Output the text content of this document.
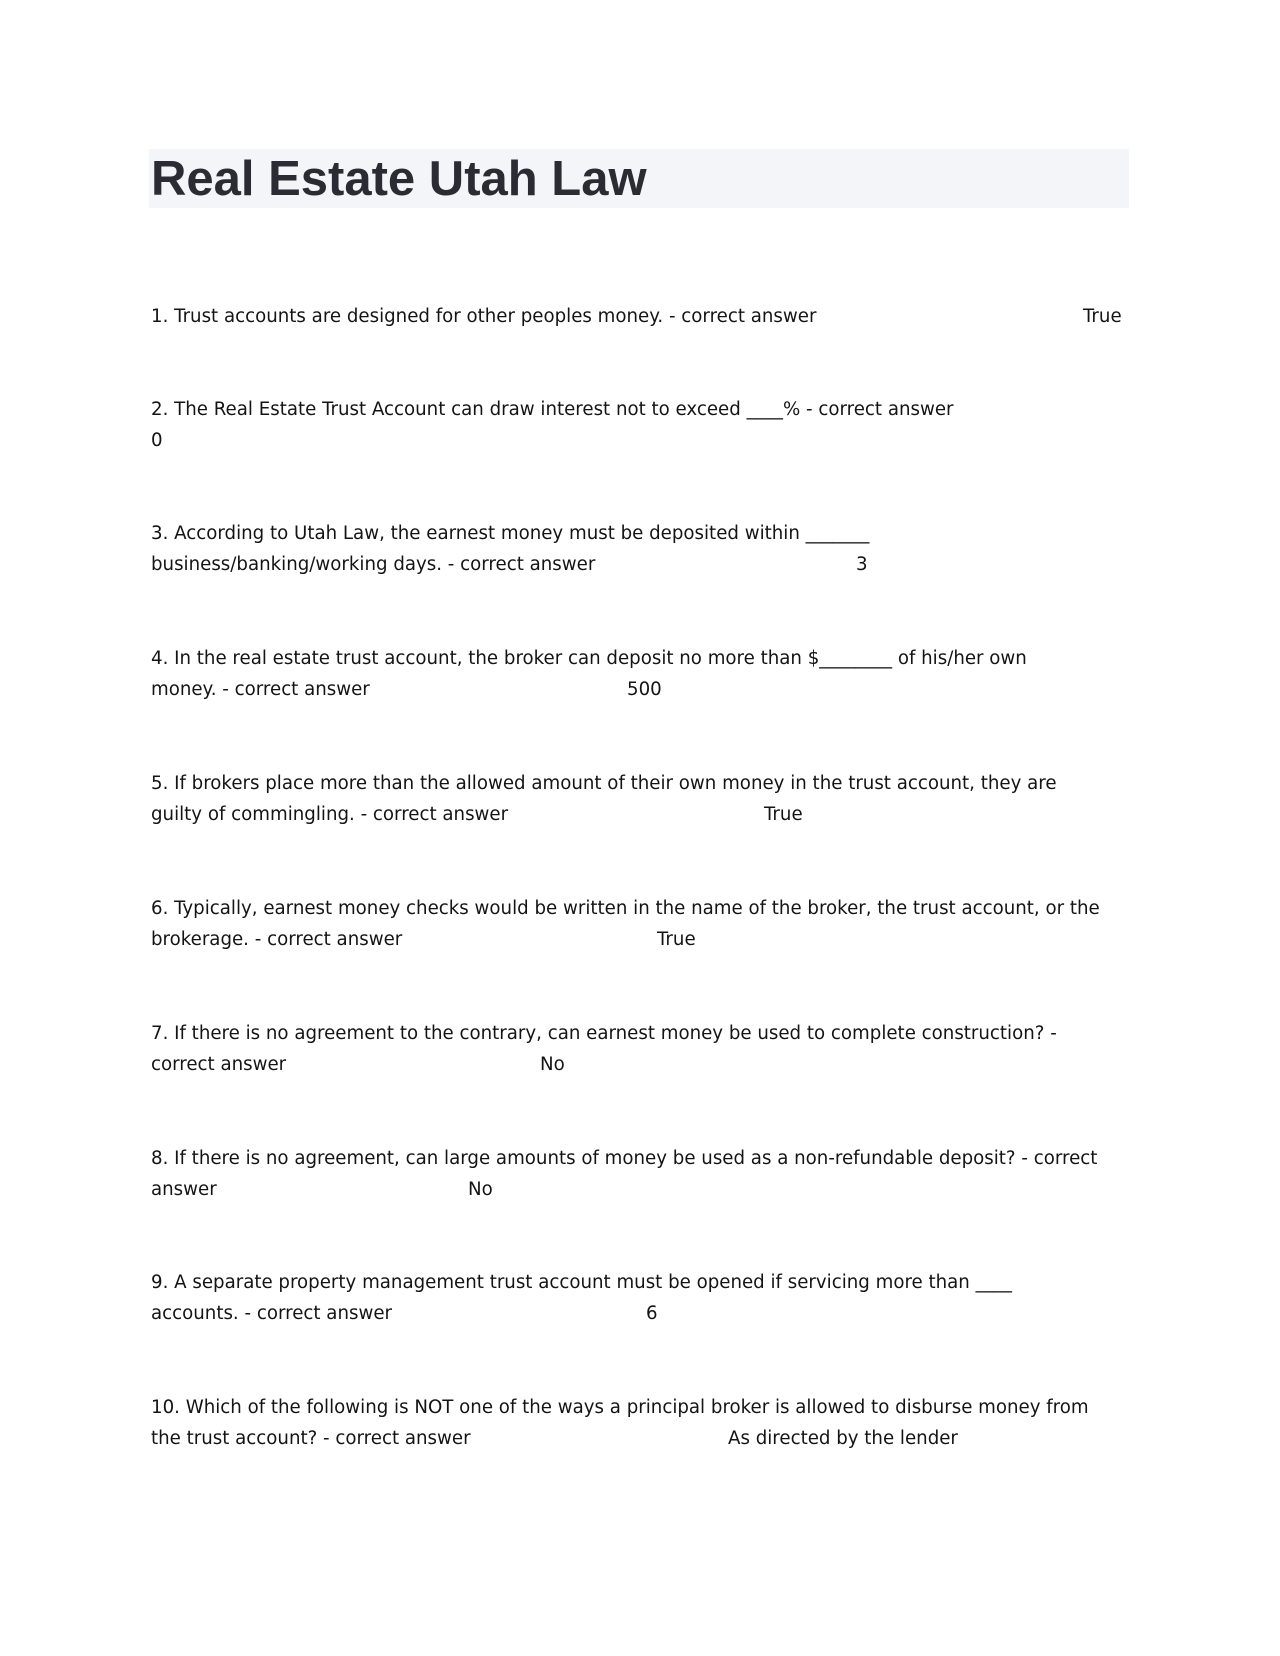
Real Estate Utah Law
1. Trust accounts are designed for other peoples money. - correct answer	True
2. The Real Estate Trust Account can draw interest not to exceed ____% - correct answer
0
3. According to Utah Law, the earnest money must be deposited within _______
business/banking/working days. - correct answer	3
4. In the real estate trust account, the broker can deposit no more than $________ of his/her own
money. - correct answer	500
5. If brokers place more than the allowed amount of their own money in the trust account, they are
guilty of commingling. - correct answer	True
6. Typically, earnest money checks would be written in the name of the broker, the trust account, or the
brokerage. - correct answer	True
7. If there is no agreement to the contrary, can earnest money be used to complete construction? -
correct answer	No
8. If there is no agreement, can large amounts of money be used as a non-refundable deposit? - correct
answer	No
9. A separate property management trust account must be opened if servicing more than ____
accounts. - correct answer	6
10. Which of the following is NOT one of the ways a principal broker is allowed to disburse money from
the trust account? - correct answer	As directed by the lender
